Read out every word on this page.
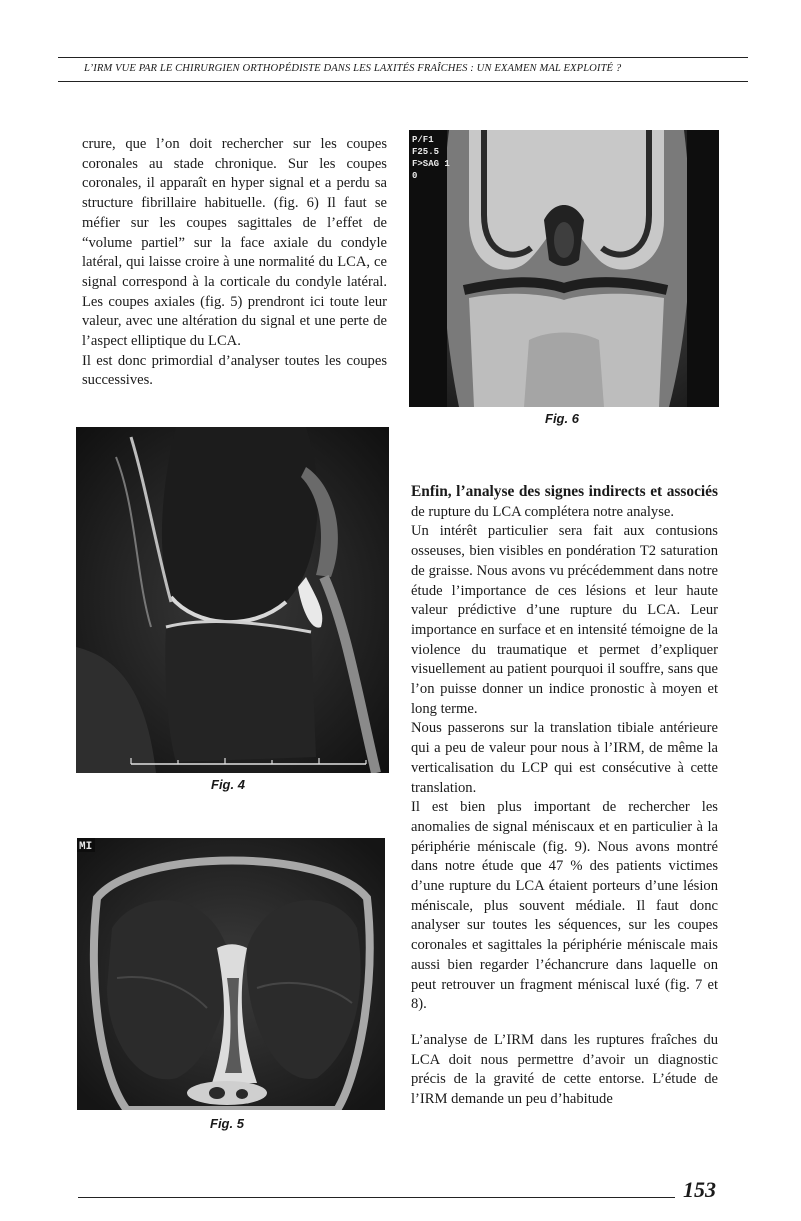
L’IRM VUE PAR LE CHIRURGIEN ORTHOPÉDISTE DANS LES LAXITÉS FRAÎCHES : UN EXAMEN MAL EXPLOITÉ ?

crure, que l’on doit rechercher sur les coupes coronales au stade chronique. Sur les coupes coronales, il apparaît en hyper signal et a perdu sa structure fibrillaire habituelle. (fig. 6) Il faut se méfier sur les coupes sagittales de l’effet de “volume partiel” sur la face axiale du condyle latéral, qui laisse croire à une normalité du LCA, ce signal correspond à la corticale du condyle latéral. Les coupes axiales (fig. 5) prendront ici toute leur valeur, avec une altération du signal et une perte de l’aspect elliptique du LCA.

Il est donc primordial d’analyser toutes les coupes successives.

P/F1
F25.5
F>SAG 1
0
Fig. 6
Fig. 4
MI
Fig. 5

Enfin, l’analyse des signes indirects et associés de rupture du LCA complétera notre analyse.

Un intérêt particulier sera fait aux contusions osseuses, bien visibles en pondération T2 saturation de graisse. Nous avons vu précédemment dans notre étude l’importance de ces lésions et leur haute valeur prédictive d’une rupture du LCA. Leur importance en surface et en intensité témoigne de la violence du traumatique et permet d’expliquer visuellement au patient pourquoi il souffre, sans que l’on puisse donner un indice pronostic à moyen et long terme.

Nous passerons sur la translation tibiale antérieure qui a peu de valeur pour nous à l’IRM, de même la verticalisation du LCP qui est consécutive à cette translation.

Il est bien plus important de rechercher les anomalies de signal méniscaux et en particulier à la périphérie méniscale (fig. 9). Nous avons montré dans notre étude que 47 % des patients victimes d’une rupture du LCA étaient porteurs d’une lésion méniscale, plus souvent médiale. Il faut donc analyser sur toutes les séquences, sur les coupes coronales et sagittales la périphérie méniscale mais aussi bien regarder l’échancrure dans laquelle on peut retrouver un fragment méniscal luxé (fig. 7 et 8).

L’analyse de L’IRM dans les ruptures fraîches du LCA doit nous permettre d’avoir un diagnostic précis de la gravité de cette entorse. L’étude de l’IRM demande un peu d’habitude

153
